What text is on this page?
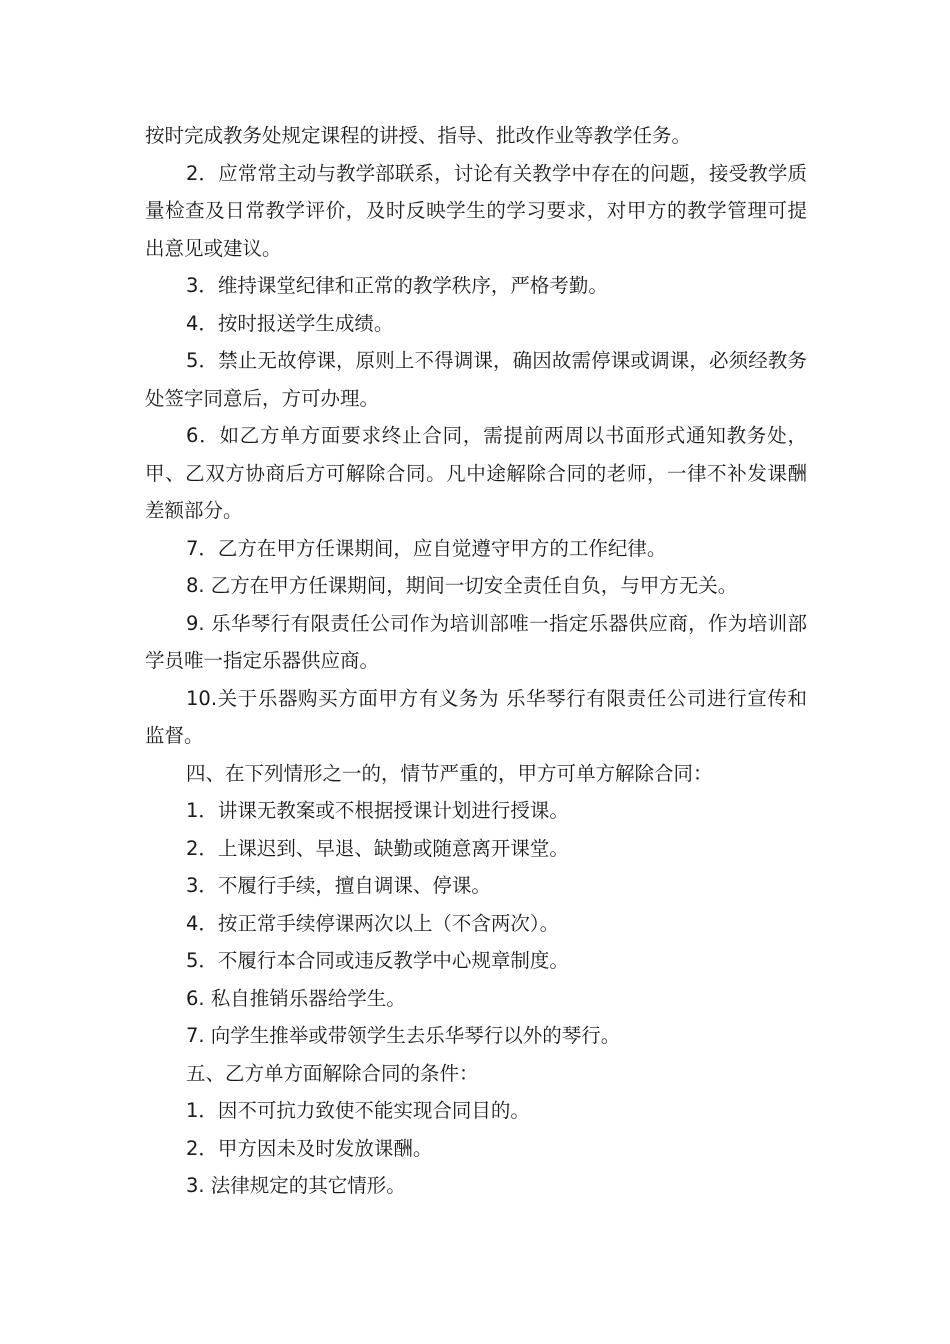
按时完成教务处规定课程的讲授、指导、批改作业等教学任务。

2．应常常主动与教学部联系，讨论有关教学中存在的问题，接受教学质量检查及日常教学评价，及时反映学生的学习要求，对甲方的教学管理可提出意见或建议。

3．维持课堂纪律和正常的教学秩序，严格考勤。

4．按时报送学生成绩。

5．禁止无故停课，原则上不得调课，确因故需停课或调课，必须经教务处签字同意后，方可办理。

6．如乙方单方面要求终止合同，需提前两周以书面形式通知教务处，甲、乙双方协商后方可解除合同。凡中途解除合同的老师，一律不补发课酬差额部分。

7．乙方在甲方任课期间，应自觉遵守甲方的工作纪律。

8. 乙方在甲方任课期间，期间一切安全责任自负，与甲方无关。

9. 乐华琴行有限责任公司作为培训部唯一指定乐器供应商，作为培训部学员唯一指定乐器供应商。

10.关于乐器购买方面甲方有义务为 乐华琴行有限责任公司进行宣传和监督。

四、在下列情形之一的，情节严重的，甲方可单方解除合同：

1．讲课无教案或不根据授课计划进行授课。

2．上课迟到、早退、缺勤或随意离开课堂。

3．不履行手续，擅自调课、停课。

4．按正常手续停课两次以上（不含两次）。

5．不履行本合同或违反教学中心规章制度。

6. 私自推销乐器给学生。

7. 向学生推举或带领学生去乐华琴行以外的琴行。

五、乙方单方面解除合同的条件：

1．因不可抗力致使不能实现合同目的。

2．甲方因未及时发放课酬。

3. 法律规定的其它情形。
